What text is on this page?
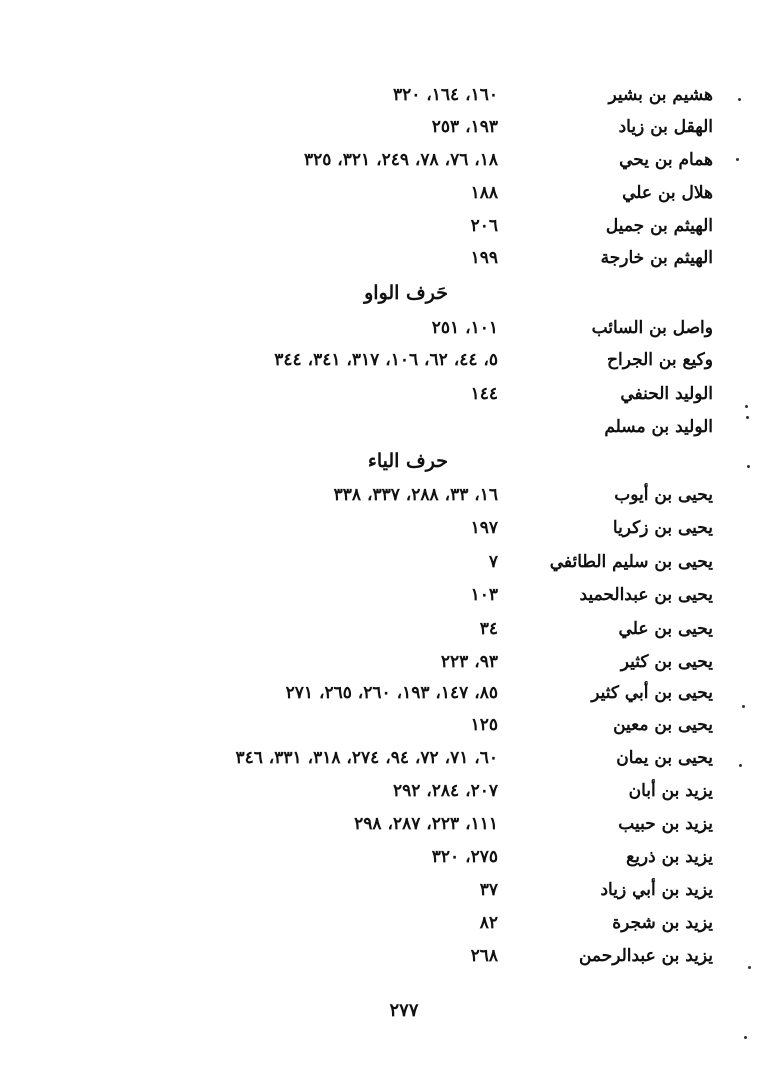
هشيم بن بشير
١٦٠، ١٦٤، ٣٢٠
الهقل بن زياد
١٩٣، ٢٥٣
همام بن يحي
١٨، ٧٦، ٧٨، ٢٤٩، ٣٢١، ٣٢٥
هلال بن علي
١٨٨
الهيثم بن جميل
٢٠٦
الهيثم بن خارجة
١٩٩
حَرف الواو
واصل بن السائب
١٠١، ٢٥١
وكيع بن الجراح
٥، ٤٤، ٦٢، ١٠٦، ٣١٧، ٣٤١، ٣٤٤
الوليد الحنفي
١٤٤
الوليد بن مسلم
حرف الياء
يحيى بن أيوب
١٦، ٣٣، ٢٨٨، ٣٣٧، ٣٣٨
يحيى بن زكريا
١٩٧
يحيى بن سليم الطائفي
٧
يحيى بن عبدالحميد
١٠٣
يحيى بن علي
٣٤
يحيى بن كثير
٩٣، ٢٢٣
يحيى بن أبي كثير
٨٥، ١٤٧، ١٩٣، ٢٦٠، ٢٦٥، ٢٧١
يحيى بن معين
١٢٥
يحيى بن يمان
٦٠، ٧١، ٧٢، ٩٤، ٢٧٤، ٣١٨، ٣٣١، ٣٤٦
يزيد بن أبان
٢٠٧، ٢٨٤، ٢٩٢
يزيد بن حبيب
١١١، ٢٢٣، ٢٨٧، ٢٩٨
يزيد بن ذريع
٢٧٥، ٣٢٠
يزيد بن أبي زياد
٣٧
يزيد بن شجرة
٨٢
يزيد بن عبدالرحمن
٢٦٨
٢٧٧
